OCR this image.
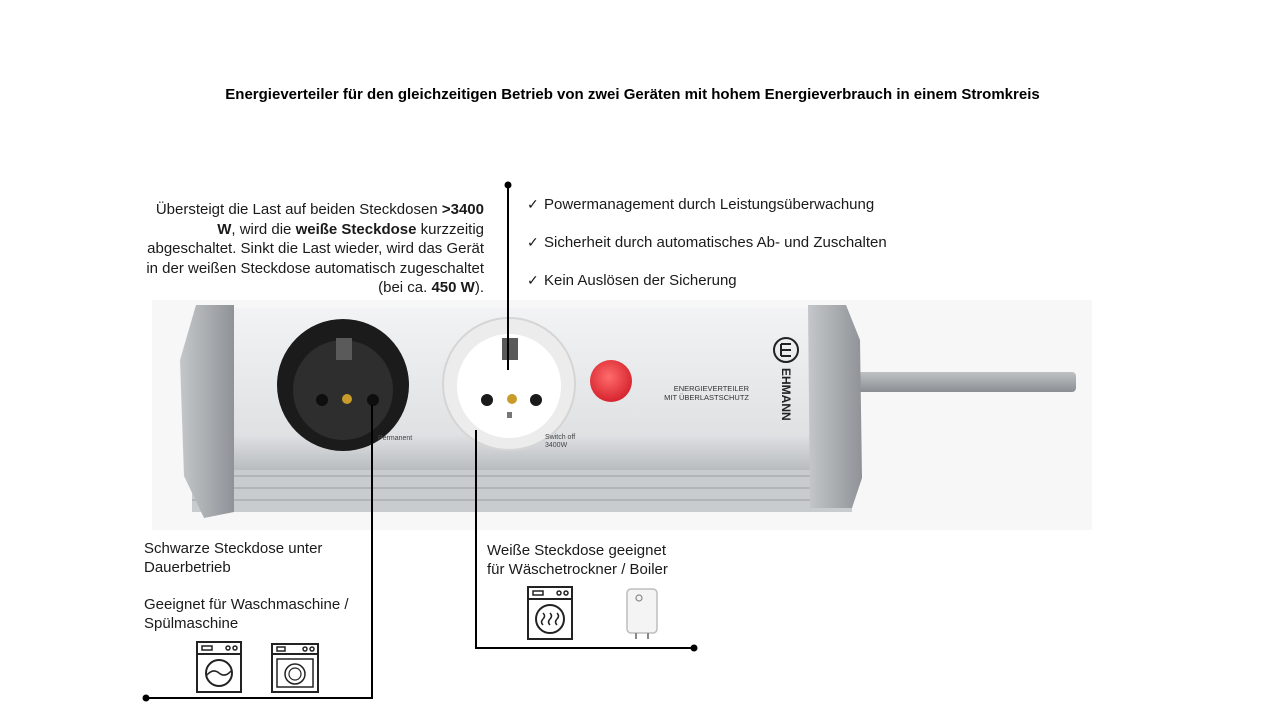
Energieverteiler für den gleichzeitigen Betrieb von zwei Geräten mit hohem Energieverbrauch in einem Stromkreis
Übersteigt die Last auf beiden Steckdosen >3400 W, wird die weiße Steckdose kurzzeitig abgeschaltet. Sinkt die Last wieder, wird das Gerät in der weißen Steckdose automatisch zugeschaltet (bei ca. 450 W).
✓ Powermanagement durch Leistungsüberwachung
✓ Sicherheit durch automatisches Ab- und Zuschalten
✓ Kein Auslösen der Sicherung
Permanent	Switch off
3400W
ENERGIEVERTEILER
MIT ÜBERLASTSCHUTZ	EHMANN
Schwarze Steckdose unter
Dauerbetrieb
Geeignet für Waschmaschine /
Spülmaschine
Weiße Steckdose geeignet
für Wäschetrockner / Boiler
